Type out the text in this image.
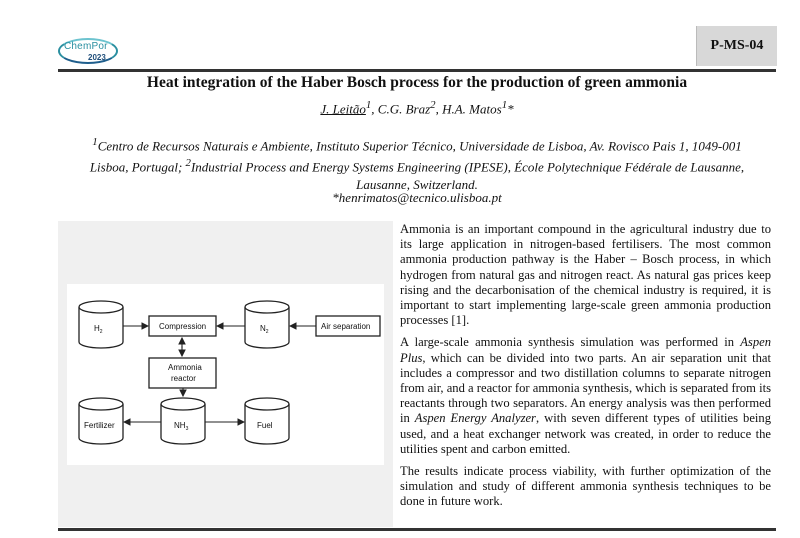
ChemPor
2023
P-MS-04
Heat integration of the Haber Bosch process for the production of green ammonia
J. Leitão$^1$, C.G. Braz$^2$, H.A. Matos$^1$*
$^1$Centro de Recursos Naturais e Ambiente, Instituto Superior Técnico, Universidade de Lisboa, Av. Rovisco Pais 1, 1049-001 Lisboa, Portugal; $^2$Industrial Process and Energy Systems Engineering (IPESE), École Polytechnique Fédérale de Lausanne, Lausanne, Switzerland.
*henrimatos@tecnico.ulisboa.pt
$H_2$	$N_2$
Compression	Air separation
Ammonia
reactor
Fertilizer	$NH_3$	Fuel

Ammonia is an important compound in the agricultural industry due to its large application in nitrogen-based fertilisers. The most common ammonia production pathway is the Haber – Bosch process, in which hydrogen from natural gas and nitrogen react. As natural gas prices keep rising and the decarbonisation of the chemical industry is required, it is important to start implementing large-scale green ammonia production processes [1].

A large-scale ammonia synthesis simulation was performed in Aspen Plus, which can be divided into two parts. An air separation unit that includes a compressor and two distillation columns to separate nitrogen from air, and a reactor for ammonia synthesis, which is separated from its reactants through two separators. An energy analysis was then performed in Aspen Energy Analyzer, with seven different types of utilities being used, and a heat exchanger network was created, in order to reduce the utilities spent and carbon emitted.

The results indicate process viability, with further optimization of the simulation and study of different ammonia synthesis techniques to be done in future work.
